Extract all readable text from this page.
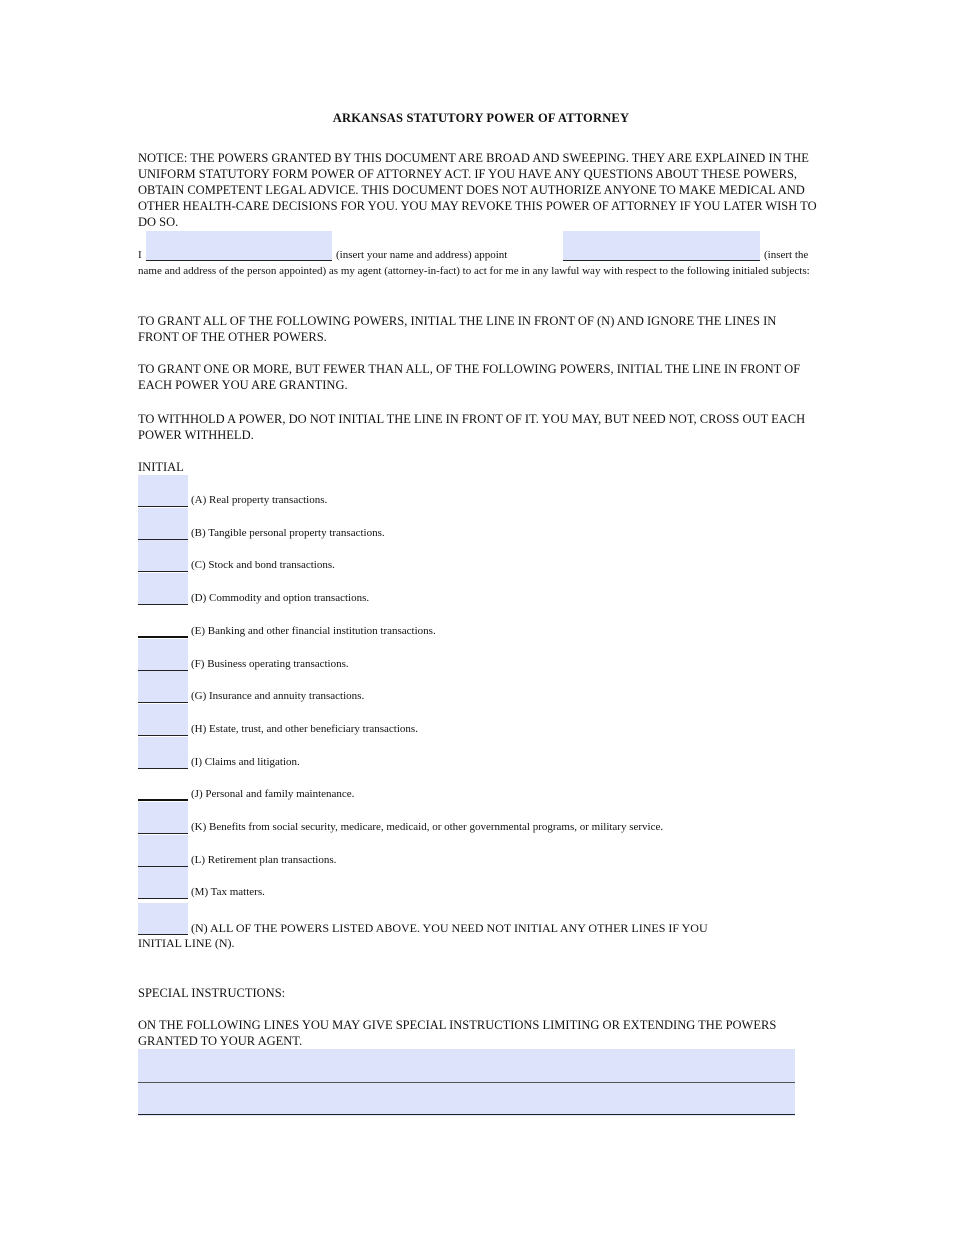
ARKANSAS STATUTORY POWER OF ATTORNEY

NOTICE: THE POWERS GRANTED BY THIS DOCUMENT ARE BROAD AND SWEEPING. THEY ARE EXPLAINED IN THE UNIFORM STATUTORY FORM POWER OF ATTORNEY ACT. IF YOU HAVE ANY QUESTIONS ABOUT THESE POWERS, OBTAIN COMPETENT LEGAL ADVICE. THIS DOCUMENT DOES NOT AUTHORIZE ANYONE TO MAKE MEDICAL AND OTHER HEALTH-CARE DECISIONS FOR YOU. YOU MAY REVOKE THIS POWER OF ATTORNEY IF YOU LATER WISH TO DO SO.

I	(insert your name and address) appoint	(insert the

name and address of the person appointed) as my agent (attorney-in-fact) to act for me in any lawful way with respect to the following initialed subjects:

TO GRANT ALL OF THE FOLLOWING POWERS, INITIAL THE LINE IN FRONT OF (N) AND IGNORE THE LINES IN FRONT OF THE OTHER POWERS.

TO GRANT ONE OR MORE, BUT FEWER THAN ALL, OF THE FOLLOWING POWERS, INITIAL THE LINE IN FRONT OF EACH POWER YOU ARE GRANTING.

TO WITHHOLD A POWER, DO NOT INITIAL THE LINE IN FRONT OF IT. YOU MAY, BUT NEED NOT, CROSS OUT EACH POWER WITHHELD.

INITIAL
(A) Real property transactions.
(B) Tangible personal property transactions.
(C) Stock and bond transactions.
(D) Commodity and option transactions.
(E) Banking and other financial institution transactions.
(F) Business operating transactions.
(G) Insurance and annuity transactions.
(H) Estate, trust, and other beneficiary transactions.
(I) Claims and litigation.
(J) Personal and family maintenance.
(K) Benefits from social security, medicare, medicaid, or other governmental programs, or military service.
(L) Retirement plan transactions.
(M) Tax matters.
(N) ALL OF THE POWERS LISTED ABOVE. YOU NEED NOT INITIAL ANY OTHER LINES IF YOU
INITIAL LINE (N).
SPECIAL INSTRUCTIONS:

ON THE FOLLOWING LINES YOU MAY GIVE SPECIAL INSTRUCTIONS LIMITING OR EXTENDING THE POWERS GRANTED TO YOUR AGENT.
